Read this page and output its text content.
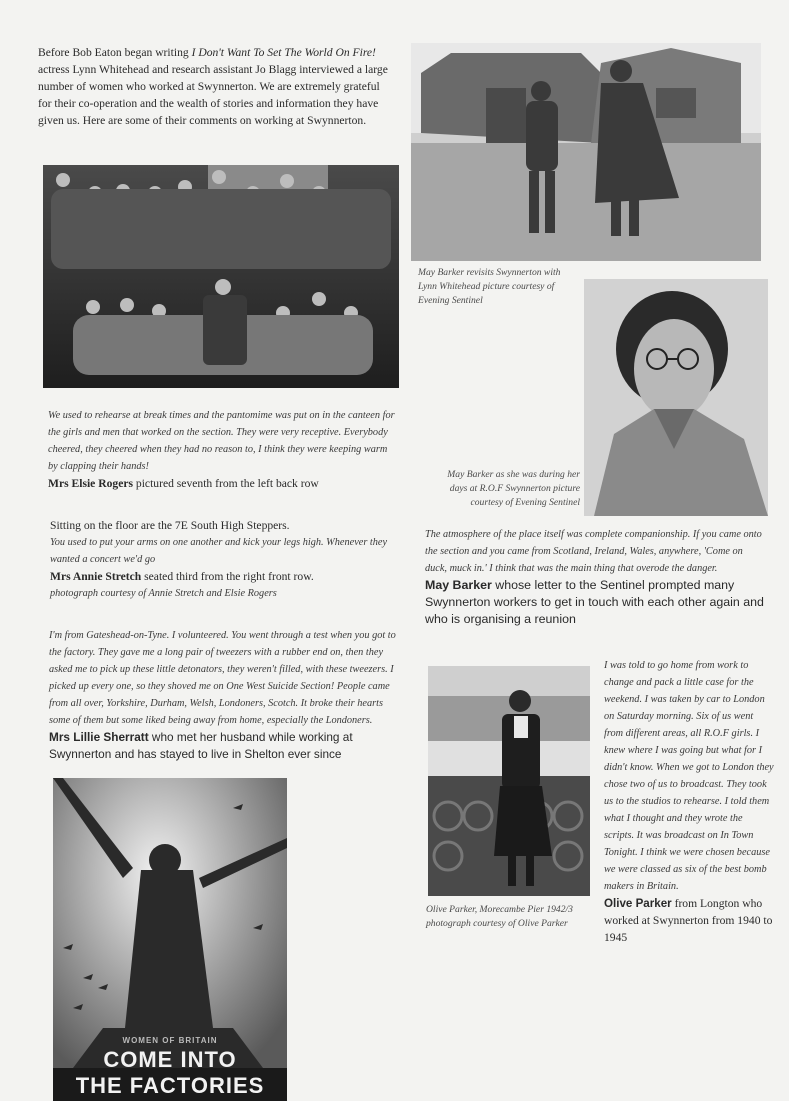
Before Bob Eaton began writing I Don't Want To Set The World On Fire! actress Lynn Whitehead and research assistant Jo Blagg interviewed a large number of women who worked at Swynnerton. We are extremely grateful for their co-operation and the wealth of stories and information they have given us. Here are some of their comments on working at Swynnerton.
May Barker revisits Swynnerton with Lynn Whitehead picture courtesy of Evening Sentinel
May Barker as she was during her days at R.O.F Swynnerton picture courtesy of Evening Sentinel
We used to rehearse at break times and the pantomime was put on in the canteen for the girls and men that worked on the section. They were very receptive. Everybody cheered, they cheered when they had no reason to, I think they were keeping warm by clapping their hands!
Mrs Elsie Rogers pictured seventh from the left back row
Sitting on the floor are the 7E South High Steppers.
You used to put your arms on one another and kick your legs high. Whenever they wanted a concert we'd go
Mrs Annie Stretch seated third from the right front row.
photograph courtesy of Annie Stretch and Elsie Rogers
The atmosphere of the place itself was complete companionship. If you came onto the section and you came from Scotland, Ireland, Wales, anywhere, 'Come on duck, muck in.' I think that was the main thing that overode the danger.
May Barker whose letter to the Sentinel prompted many Swynnerton workers to get in touch with each other again and who is organising a reunion
I'm from Gateshead-on-Tyne. I volunteered. You went through a test when you got to the factory. They gave me a long pair of tweezers with a rubber end on, then they asked me to pick up these little detonators, they weren't filled, with these tweezers. I picked up every one, so they shoved me on One West Suicide Section! People came from all over, Yorkshire, Durham, Welsh, Londoners, Scotch. It broke their hearts some of them but some liked being away from home, especially the Londoners.
Mrs Lillie Sherratt who met her husband while working at Swynnerton and has stayed to live in Shelton ever since
Olive Parker, Morecambe Pier 1942/3 photograph courtesy of Olive Parker
I was told to go home from work to change and pack a little case for the weekend. I was taken by car to London on Saturday morning. Six of us went from different areas, all R.O.F girls. I knew where I was going but what for I didn't know. When we got to London they chose two of us to broadcast. They took us to the studios to rehearse. I told them what I thought and they wrote the scripts. It was broadcast on In Town Tonight. I think we were chosen because we were classed as six of the best bomb makers in Britain.
Olive Parker from Longton who worked at Swynnerton from 1940 to 1945
WOMEN OF BRITAIN
COME INTO
THE FACTORIES
